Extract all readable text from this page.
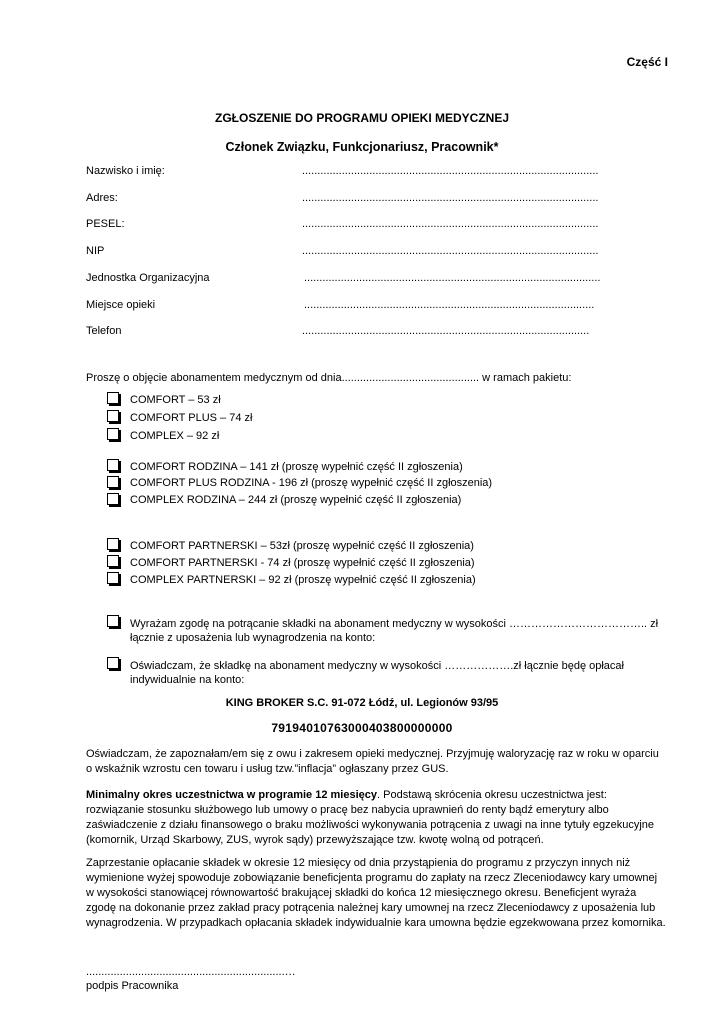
Część I
ZGŁOSZENIE DO PROGRAMU OPIEKI MEDYCZNEJ
Członek Związku, Funkcjonariusz, Pracownik*
Nazwisko i imię:	.................................................................................................
Adres:	.................................................................................................
PESEL:	.................................................................................................
NIP	.................................................................................................
Jednostka Organizacyjna	.................................................................................................
Miejsce opieki	...............................................................................................
Telefon	..............................................................................................
Proszę o objęcie abonamentem medycznym od dnia............................................. w ramach pakietu:
COMFORT – 53 zł
COMFORT PLUS – 74 zł
COMPLEX – 92 zł
COMFORT RODZINA – 141 zł (proszę wypełnić część II zgłoszenia)
COMFORT PLUS RODZINA - 196 zł (proszę wypełnić część II zgłoszenia)
COMPLEX RODZINA – 244 zł (proszę wypełnić część II zgłoszenia)
COMFORT PARTNERSKI – 53zł (proszę wypełnić część II zgłoszenia)
COMFORT PARTNERSKI - 74 zł (proszę wypełnić część II zgłoszenia)
COMPLEX PARTNERSKI – 92 zł (proszę wypełnić część II zgłoszenia)
Wyrażam zgodę na potrącanie składki na abonament medyczny w wysokości ……………………………….. zł
łącznie z uposażenia lub wynagrodzenia na konto:
Oświadczam, że składkę na abonament medyczny w wysokości ……………….zł łącznie będę opłacał
indywidualnie na konto:
KING BROKER S.C. 91-072 Łódź, ul. Legionów 93/95
79194010763000403800000000
Oświadczam, że zapoznałam/em się z owu i zakresem opieki medycznej. Przyjmuję waloryzację raz w roku w oparciu o wskaźnik wzrostu cen towaru i usług tzw.”inflacja” ogłaszany przez GUS.
Minimalny okres uczestnictwa w programie 12 miesięcy. Podstawą skrócenia okresu uczestnictwa jest: rozwiązanie stosunku służbowego lub umowy o pracę bez nabycia uprawnień do renty bądź emerytury albo zaświadczenie z działu finansowego o braku możliwości wykonywania potrącenia z uwagi na inne tytuły egzekucyjne (komornik, Urząd Skarbowy, ZUS, wyrok sądy) przewyższające tzw. kwotę wolną od potrąceń.
Zaprzestanie opłacanie składek w okresie 12 miesięcy od dnia przystąpienia do programu z przyczyn innych niż wymienione wyżej spowoduje zobowiązanie beneficjenta programu do zapłaty na rzecz Zleceniodawcy kary umownej w wysokości stanowiącej równowartość brakującej składki do końca 12 miesięcznego okresu. Beneficjent wyraża zgodę na dokonanie przez zakład pracy potrącenia należnej kary umownej na rzecz Zleceniodawcy z uposażenia lub wynagrodzenia. W przypadkach opłacania składek indywidualnie kara umowna będzie egzekwowana przez komornika.
.................................................................…
podpis Pracownika
